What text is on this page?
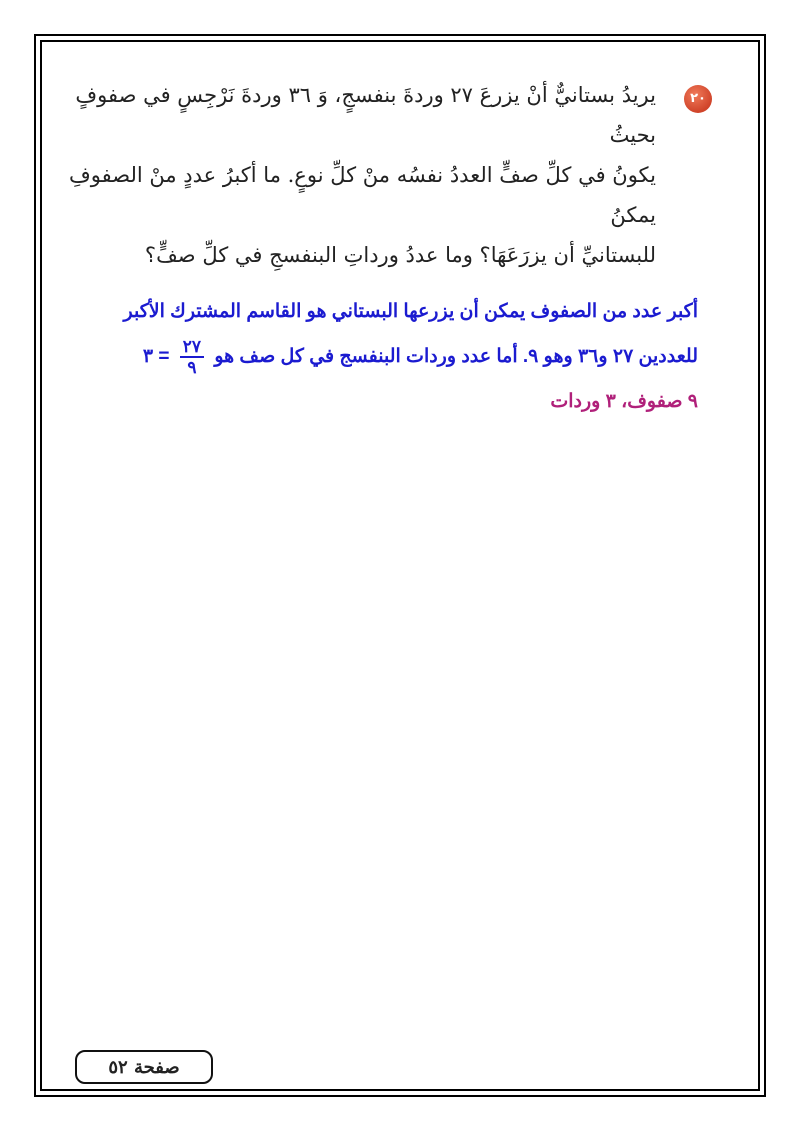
٢٠
يريدُ بستانيٌّ أنْ يزرعَ ٢٧ وردةَ بنفسجٍ، وَ ٣٦ وردةَ نَرْجِسٍ في صفوفٍ بحيثُ
يكونُ في كلِّ صفٍّ العددُ نفسُه منْ كلِّ نوعٍ. ما أكبرُ عددٍ منْ الصفوفِ يمكنُ
للبستانيِّ أن يزرَعَهَا؟ وما عددُ ورداتِ البنفسجِ في كلِّ صفٍّ؟
أكبر عدد من الصفوف يمكن أن يزرعها البستاني هو القاسم المشترك الأكبر
للعددين ٢٧ و٣٦ وهو ٩. أما عدد وردات البنفسج في كل صف هو
$\frac{٢٧}{٩}$
= ٣
٩ صفوف، ٣ وردات
صفحة ٥٢
